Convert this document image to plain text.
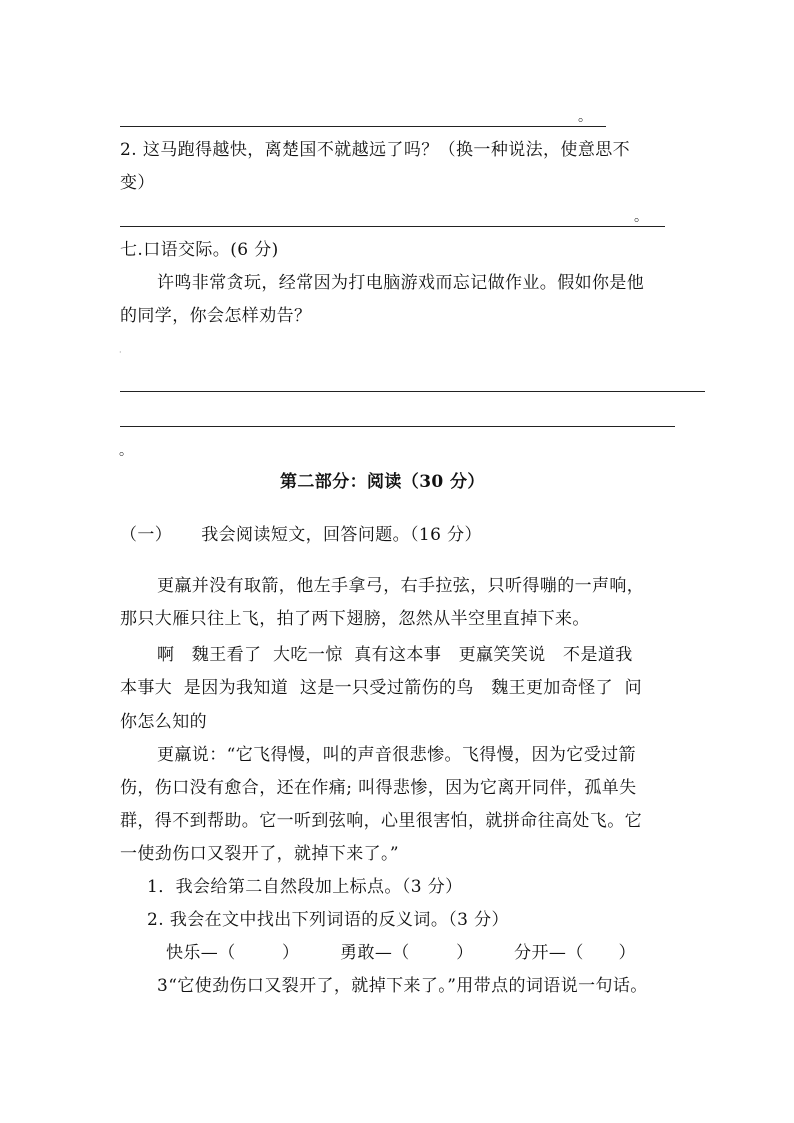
。
2. 这马跑得越快，离楚国不就越远了吗？（换一种说法，使意思不
变）
。
七.口语交际。(6 分)
许鸣非常贪玩，经常因为打电脑游戏而忘记做作业。假如你是他
的同学，你会怎样劝告？
·
。
第二部分：阅读（30 分）
（一）     我会阅读短文，回答问题。（16 分）
更羸并没有取箭，他左手拿弓，右手拉弦，只听得嘣的一声响，
那只大雁只往上飞，拍了两下翅膀，忽然从半空里直掉下来。
啊   魏王看了  大吃一惊  真有这本事   更羸笑笑说   不是道我
本事大  是因为我知道  这是一只受过箭伤的鸟   魏王更加奇怪了  问
你怎么知的
更羸说：“它飞得慢，叫的声音很悲惨。飞得慢，因为它受过箭
伤，伤口没有愈合，还在作痛; 叫得悲惨，因为它离开同伴，孤单失
群，得不到帮助。它一听到弦响，心里很害怕，就拼命往高处飞。它
一使劲伤口又裂开了，就掉下来了。”
1．我会给第二自然段加上标点。（3 分）
2. 我会在文中找出下列词语的反义词。（3 分）
快乐—（        ）       勇敢—（        ）       分开—（      ）
3“它使劲伤口又裂开了，就掉下来了。”用带点的词语说一句话。
